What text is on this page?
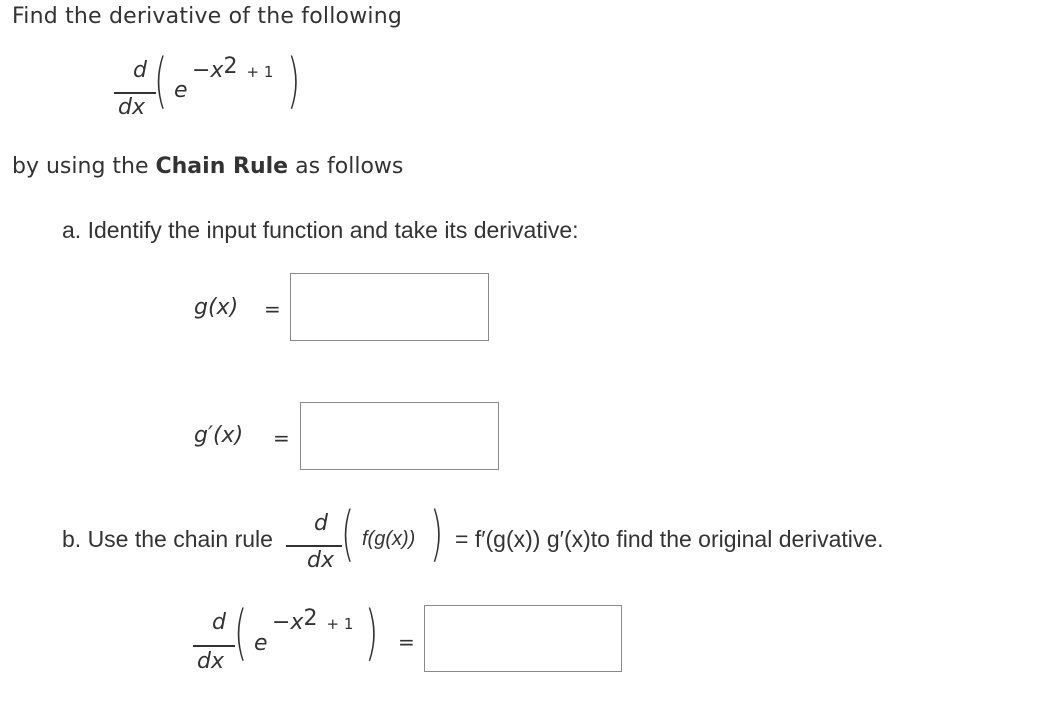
Find the derivative of the following
d
dx ( e
−x2 + 1 )
by using the Chain Rule as follows
a. Identify the input function and take its derivative:
g(x) =
g′(x) =
b. Use the chain rule
d
dx ( f(g(x)) ) = f′(g(x)) g′(x)to find the original derivative.
d
dx ( e
−x2 + 1 ) =
